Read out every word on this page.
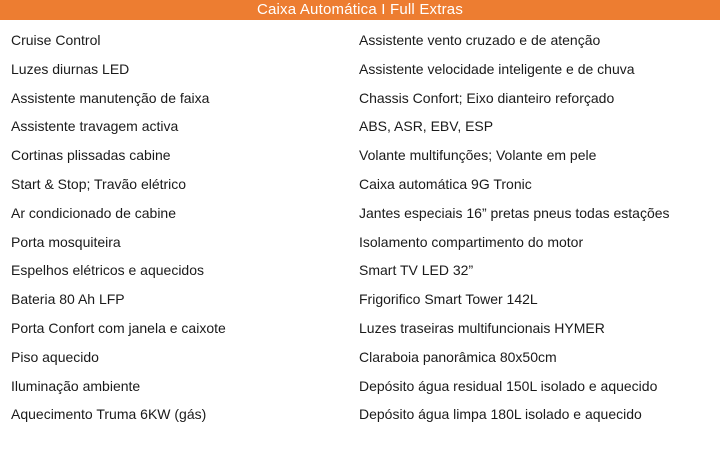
Caixa Automática I Full Extras
Cruise Control	Assistente vento cruzado e de atenção
Luzes diurnas LED	Assistente velocidade inteligente e de chuva
Assistente manutenção de faixa	Chassis Confort; Eixo dianteiro reforçado
Assistente travagem activa	ABS, ASR, EBV, ESP
Cortinas plissadas cabine	Volante multifunções; Volante em pele
Start & Stop; Travão elétrico	Caixa automática 9G Tronic
Ar condicionado de cabine	Jantes especiais 16” pretas pneus todas estações
Porta mosquiteira	Isolamento compartimento do motor
Espelhos elétricos e aquecidos	Smart TV LED 32”
Bateria 80 Ah LFP	Frigorifico Smart Tower 142L
Porta Confort com janela e caixote	Luzes traseiras multifuncionais HYMER
Piso aquecido	Claraboia panorâmica 80x50cm
Iluminação ambiente	Depósito água residual 150L isolado e aquecido
Aquecimento Truma 6KW (gás)	Depósito água limpa 180L isolado e aquecido
